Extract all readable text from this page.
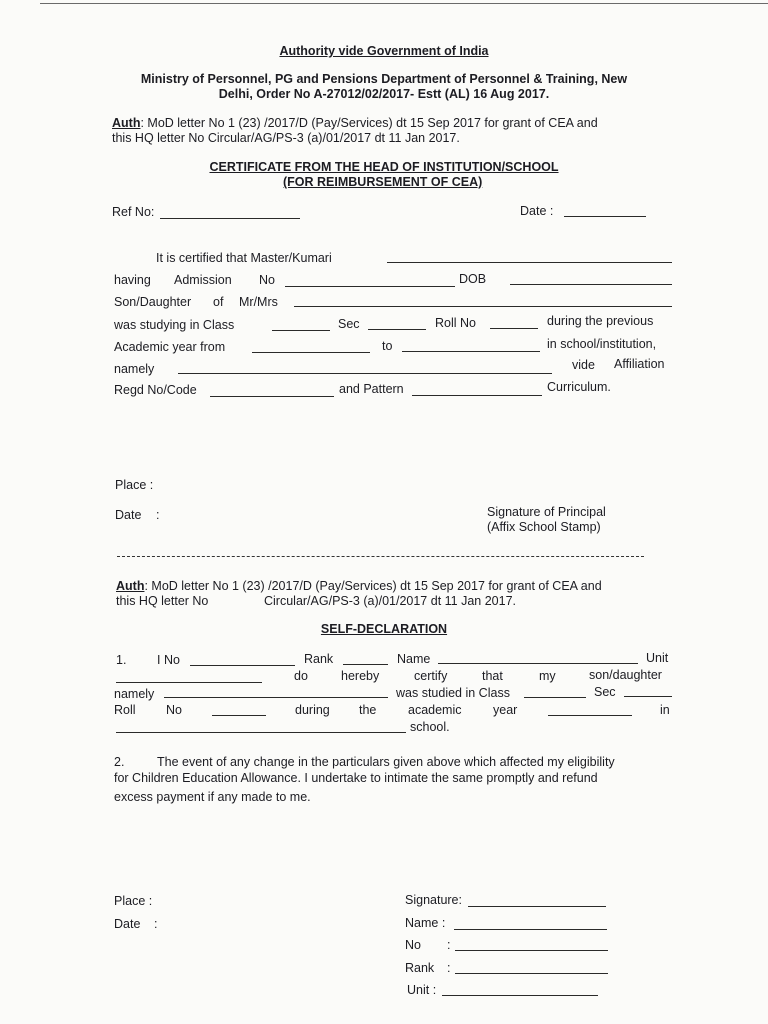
Authority vide Government of India
Ministry of Personnel, PG and Pensions Department of Personnel & Training, New
Delhi, Order No A-27012/02/2017- Estt (AL) 16 Aug 2017.
Auth: MoD letter No 1 (23) /2017/D (Pay/Services) dt 15 Sep 2017 for grant of CEA and
this HQ letter No Circular/AG/PS-3 (a)/01/2017 dt 11 Jan 2017.
CERTIFICATE FROM THE HEAD OF INSTITUTION/SCHOOL
(FOR REIMBURSEMENT OF CEA)
Ref No:	Date :
It is certified that Master/Kumari
having Admission No	DOB
Son/Daughter of Mr/Mrs
was studying in Class	Sec	Roll No	during the previous
Academic year from	to	in school/institution,
namely	vide Affiliation
Regd No/Code	and Pattern	Curriculum.
Place :
Date :	Signature of Principal
(Affix School Stamp)
Auth: MoD letter No 1 (23) /2017/D (Pay/Services) dt 15 Sep 2017 for grant of CEA and
this HQ letter No	Circular/AG/PS-3 (a)/01/2017 dt 11 Jan 2017.
SELF-DECLARATION
1. I No	Rank	Name	Unit
do	hereby	certify	that	my	son/daughter
namely	was studied in Class	Sec
Roll No	during the	academic	year	in
school.
2.	The event of any change in the particulars given above which affected my eligibility
for Children Education Allowance. I undertake to intimate the same promptly and refund
excess payment if any made to me.
Place :
Date :
Signature:
Name :
No :
Rank :
Unit :
